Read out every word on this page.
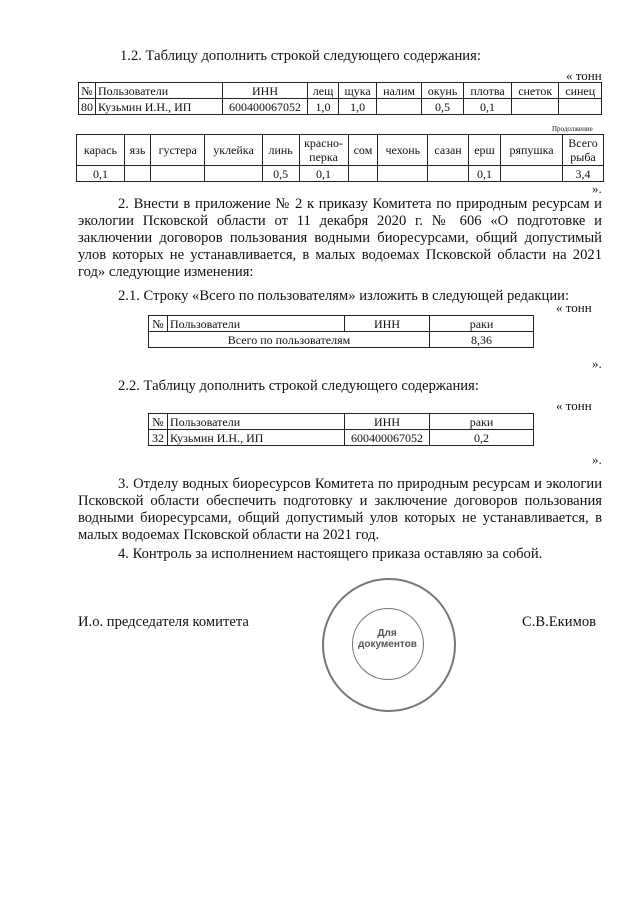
1.2. Таблицу дополнить строкой следующего содержания:
« тонн
№	Пользователи	ИНН	лещ	щука	налим	окунь	плотва	снеток	синец
80	Кузьмин И.Н., ИП	600400067052	1,0	1,0		0,5	0,1		
Продолжение
карась	язь	густера	уклейка	линь	красно-перка	сом	чехонь	сазан	ерш	ряпушка	Всего рыба
0,1				0,5	0,1				0,1		3,4
».
2. Внести в приложение № 2 к приказу Комитета по природным ресурсам и экологии Псковской области от 11 декабря 2020 г. № 606 «О подготовке и заключении договоров пользования водными биоресурсами, общий допустимый улов которых не устанавливается, в малых водоемах Псковской области на 2021 год» следующие изменения:
2.1. Строку «Всего по пользователям» изложить в следующей редакции:
« тонн
№	Пользователи	ИНН	раки
Всего по пользователям			8,36
».
2.2. Таблицу дополнить строкой следующего содержания:
« тонн
№	Пользователи	ИНН	раки
32	Кузьмин И.Н., ИП	600400067052	0,2
».
3. Отделу водных биоресурсов Комитета по природным ресурсам и экологии Псковской области обеспечить подготовку и заключение договоров пользования водными биоресурсами, общий допустимый улов которых не устанавливается, в малых водоемах Псковской области на 2021 год.
4. Контроль за исполнением настоящего приказа оставляю за собой.
И.о. председателя комитета	С.В.Екимов
Для документов
